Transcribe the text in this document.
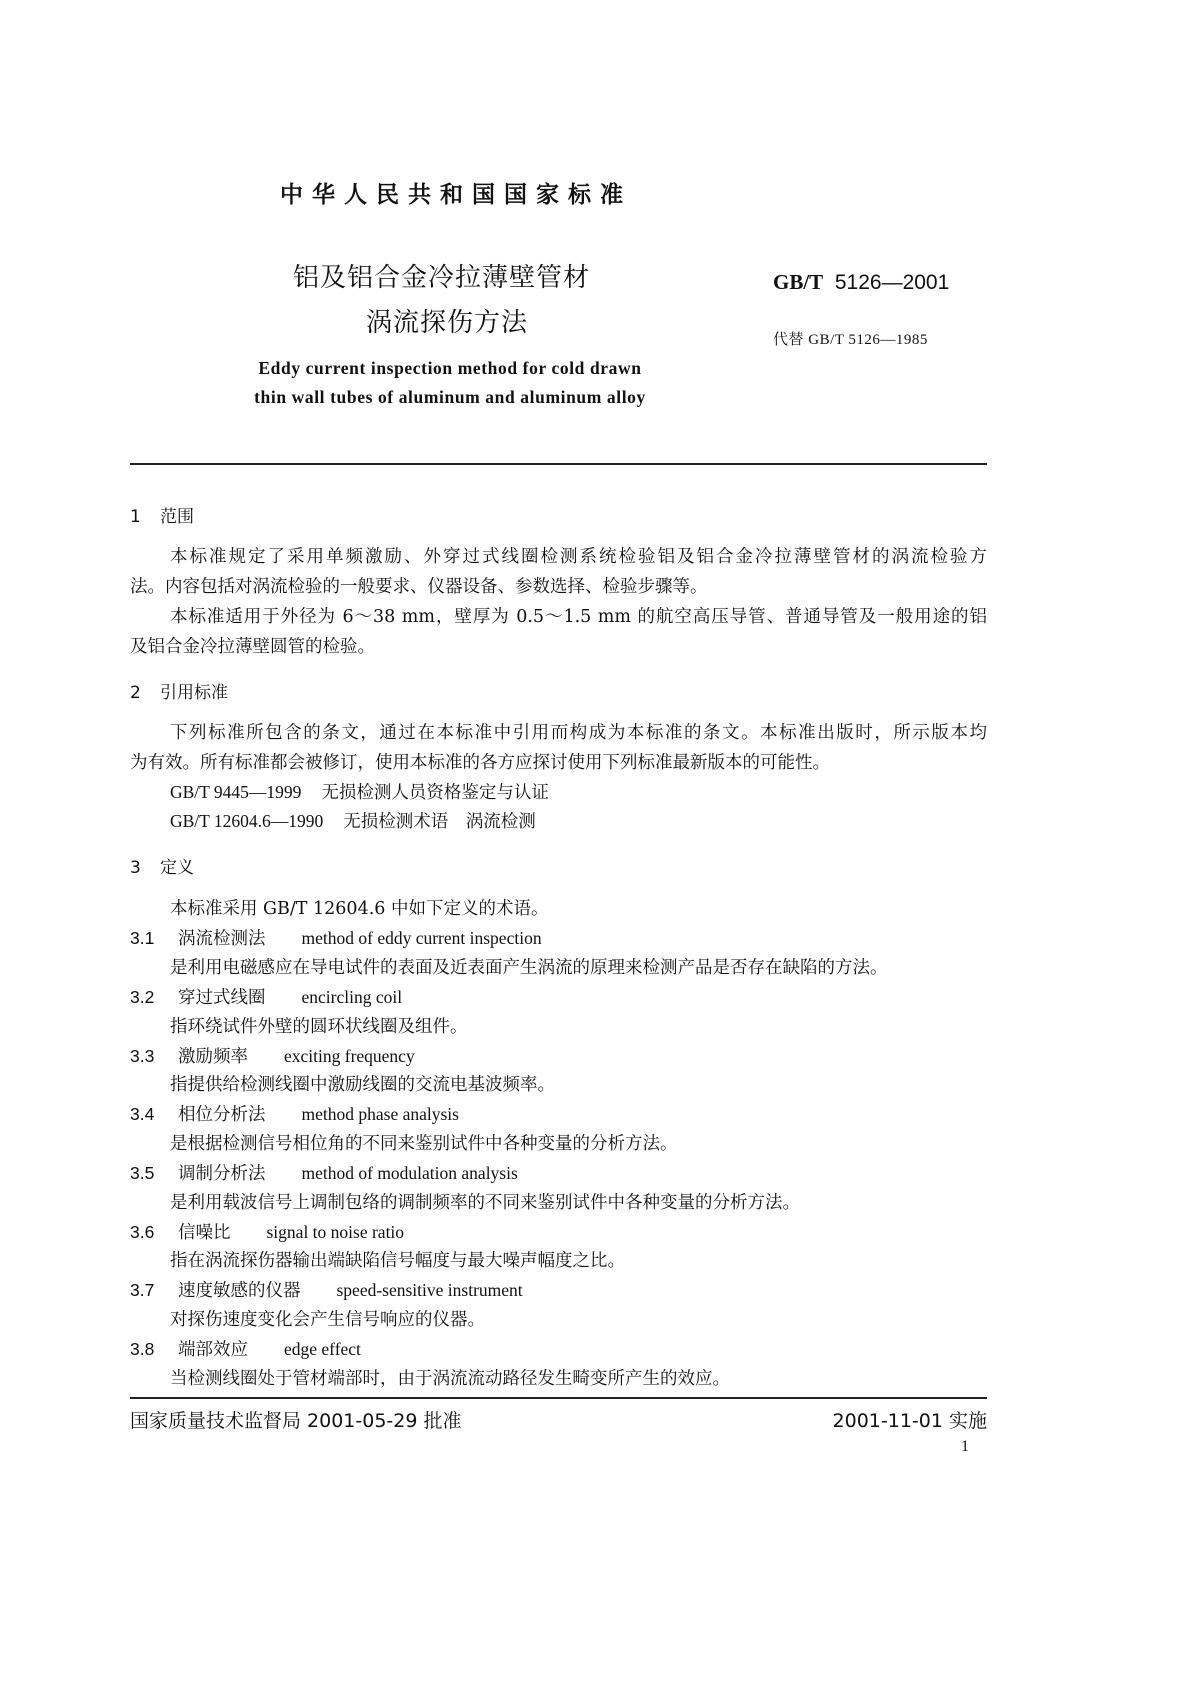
中华人民共和国国家标准
铝及铝合金冷拉薄壁管材
涡流探伤方法
GB/T 5126—2001
代替 GB/T 5126—1985
Eddy current inspection method for cold drawn
thin wall tubes of aluminum and aluminum alloy
1 范围
本标准规定了采用单频激励、外穿过式线圈检测系统检验铝及铝合金冷拉薄壁管材的涡流检验方
法。内容包括对涡流检验的一般要求、仪器设备、参数选择、检验步骤等。
本标准适用于外径为 6～38 mm，壁厚为 0.5～1.5 mm 的航空高压导管、普通导管及一般用途的铝
及铝合金冷拉薄壁圆管的检验。
2 引用标准
下列标准所包含的条文，通过在本标准中引用而构成为本标准的条文。本标准出版时，所示版本均
为有效。所有标准都会被修订，使用本标准的各方应探讨使用下列标准最新版本的可能性。
GB/T 9445—1999 无损检测人员资格鉴定与认证
GB/T 12604.6—1990 无损检测术语　涡流检测
3 定义
本标准采用 GB/T 12604.6 中如下定义的术语。
3.1 涡流检测法 method of eddy current inspection
是利用电磁感应在导电试件的表面及近表面产生涡流的原理来检测产品是否存在缺陷的方法。
3.2 穿过式线圈 encircling coil
指环绕试件外壁的圆环状线圈及组件。
3.3 激励频率 exciting frequency
指提供给检测线圈中激励线圈的交流电基波频率。
3.4 相位分析法 method phase analysis
是根据检测信号相位角的不同来鉴别试件中各种变量的分析方法。
3.5 调制分析法 method of modulation analysis
是利用载波信号上调制包络的调制频率的不同来鉴别试件中各种变量的分析方法。
3.6 信噪比 signal to noise ratio
指在涡流探伤器输出端缺陷信号幅度与最大噪声幅度之比。
3.7 速度敏感的仪器 speed-sensitive instrument
对探伤速度变化会产生信号响应的仪器。
3.8 端部效应 edge effect
当检测线圈处于管材端部时，由于涡流流动路径发生畸变所产生的效应。
国家质量技术监督局 2001-05-29 批准	2001-11-01 实施
1
